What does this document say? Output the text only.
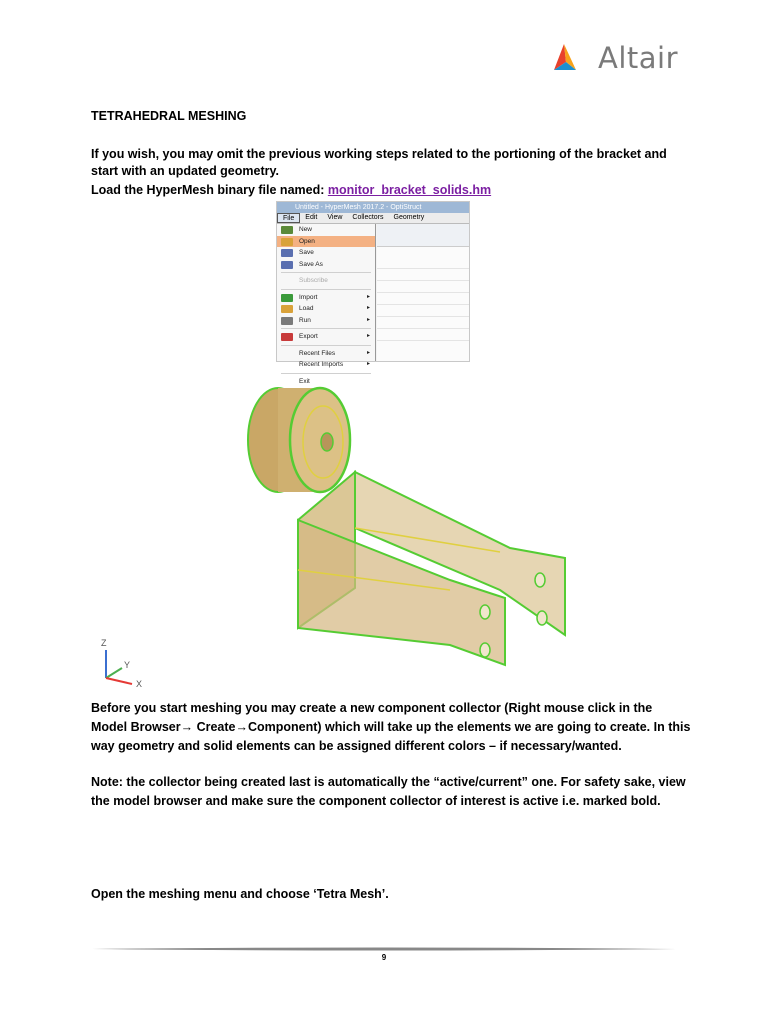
Altair
TETRAHEDRAL MESHING
If you wish, you may omit the previous working steps related to the portioning of the bracket and
start with an updated geometry.
Load the HyperMesh binary file named: monitor_bracket_solids.hm
Untitled - HyperMesh 2017.2 - OptiStruct
File	Edit	View	Collectors	Geometry
New
Open
Save
Save As
Subscribe
Import	▸
Load	▸
Run	▸
Export	▸
Recent Files	▸
Recent Imports	▸
Exit
Z
Y
X
Before you start meshing you may create a new component collector (Right mouse click in the Model Browser→ Create→Component) which will take up the elements we are going to create. In this way geometry and solid elements can be assigned different colors – if necessary/wanted.
Note: the collector being created last is automatically the “active/current” one. For safety sake, view the model browser and make sure the component collector of interest is active i.e. marked bold.
Open the meshing menu and choose ‘Tetra Mesh’.
9
